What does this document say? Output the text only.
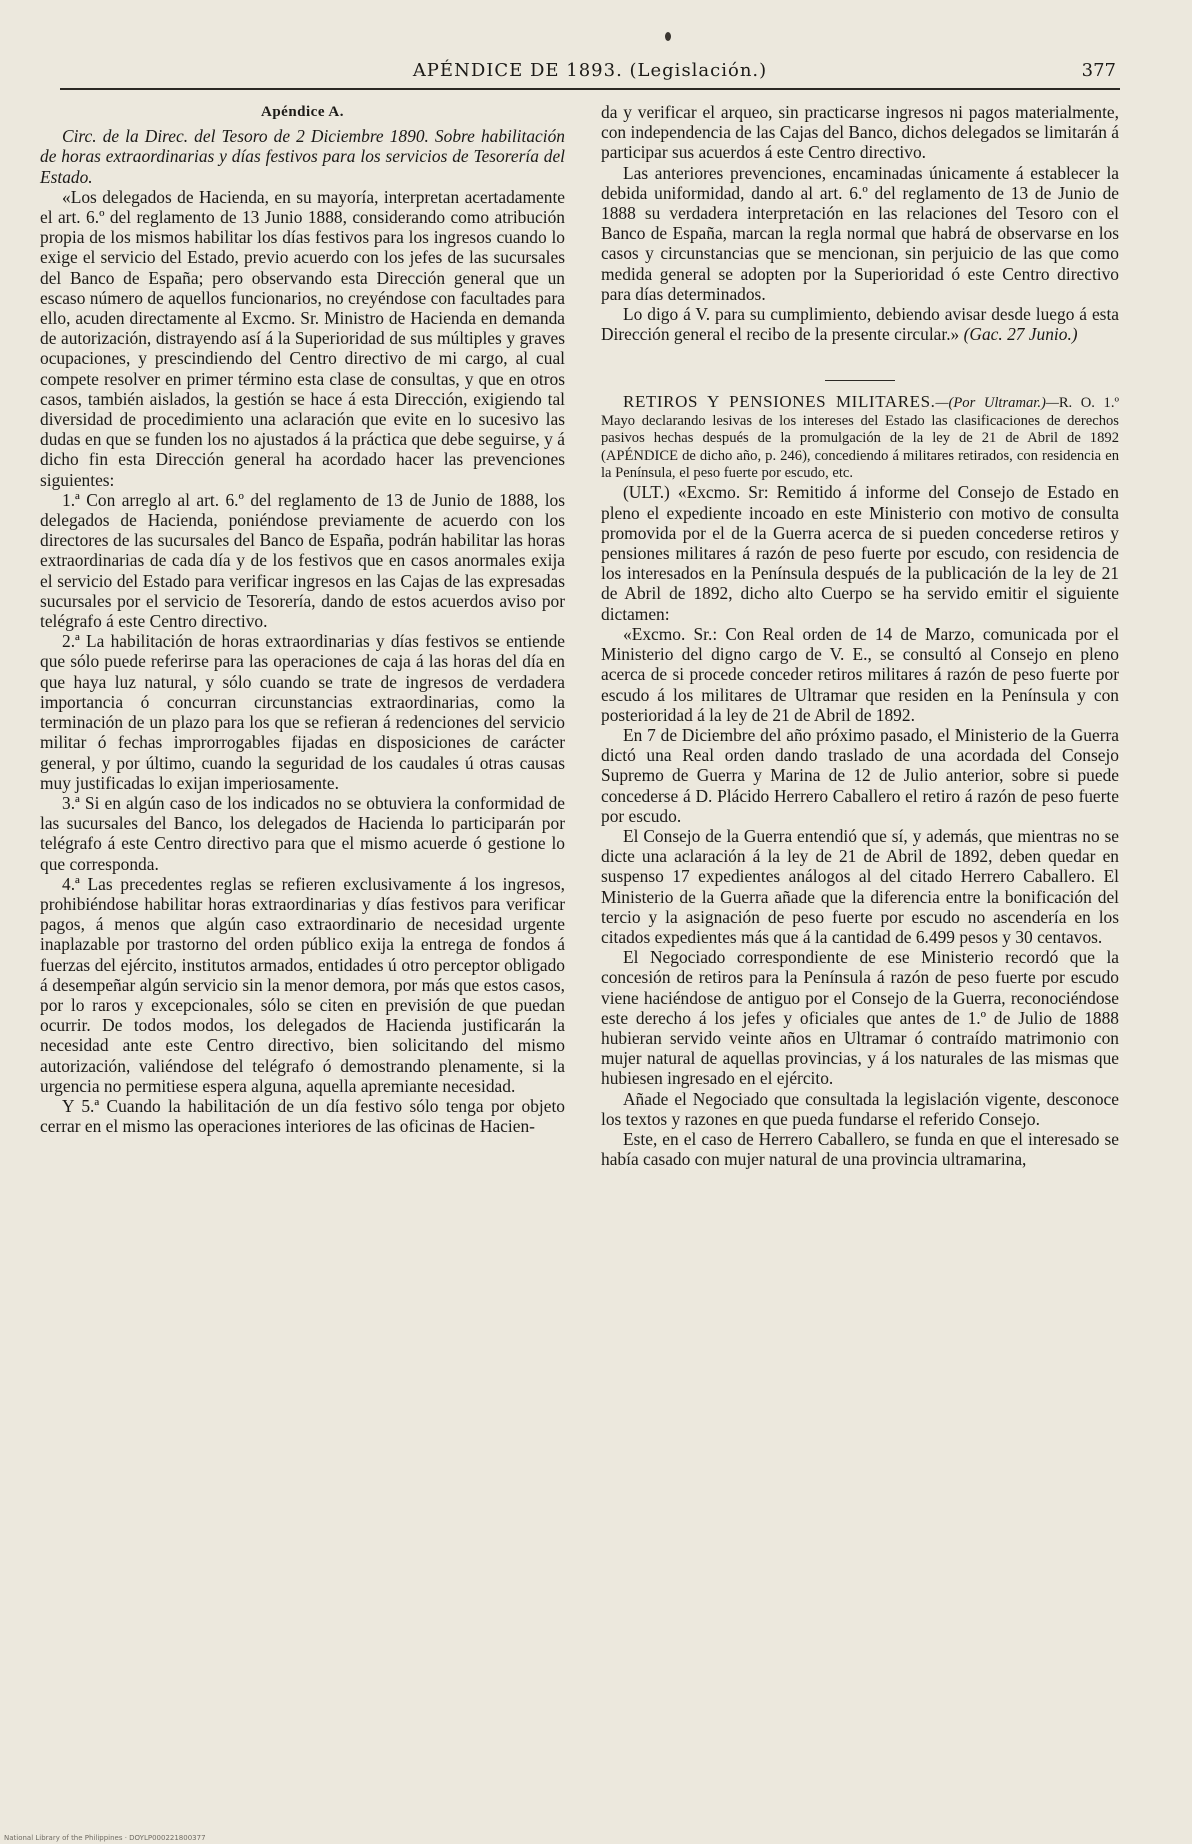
APÉNDICE DE 1893. (Legislación.)	377
Apéndice A.

Circ. de la Direc. del Tesoro de 2 Diciembre 1890. Sobre habilitación de horas extraordinarias y días festivos para los servicios de Tesorería del Estado.

«Los delegados de Hacienda, en su mayoría, interpretan acertadamente el art. 6.º del reglamento de 13 Junio 1888, considerando como atribución propia de los mismos habilitar los días festivos para los ingresos cuando lo exige el servicio del Estado, previo acuerdo con los jefes de las sucursales del Banco de España; pero observando esta Dirección general que un escaso número de aquellos funcionarios, no creyéndose con facultades para ello, acuden directamente al Excmo. Sr. Ministro de Hacienda en demanda de autorización, distrayendo así á la Superioridad de sus múltiples y graves ocupaciones, y prescindiendo del Centro directivo de mi cargo, al cual compete resolver en primer término esta clase de consultas, y que en otros casos, también aislados, la gestión se hace á esta Dirección, exigiendo tal diversidad de procedimiento una aclaración que evite en lo sucesivo las dudas en que se funden los no ajustados á la práctica que debe seguirse, y á dicho fin esta Dirección general ha acordado hacer las prevenciones siguientes:

1.ª Con arreglo al art. 6.º del reglamento de 13 de Junio de 1888, los delegados de Hacienda, poniéndose previamente de acuerdo con los directores de las sucursales del Banco de España, podrán habilitar las horas extraordinarias de cada día y de los festivos que en casos anormales exija el servicio del Estado para verificar ingresos en las Cajas de las expresadas sucursales por el servicio de Tesorería, dando de estos acuerdos aviso por telégrafo á este Centro directivo.

2.ª La habilitación de horas extraordinarias y días festivos se entiende que sólo puede referirse para las operaciones de caja á las horas del día en que haya luz natural, y sólo cuando se trate de ingresos de verdadera importancia ó concurran circunstancias extraordinarias, como la terminación de un plazo para los que se refieran á redenciones del servicio militar ó fechas improrrogables fijadas en disposiciones de carácter general, y por último, cuando la seguridad de los caudales ú otras causas muy justificadas lo exijan imperiosamente.

3.ª Si en algún caso de los indicados no se obtuviera la conformidad de las sucursales del Banco, los delegados de Hacienda lo participarán por telégrafo á este Centro directivo para que el mismo acuerde ó gestione lo que corresponda.

4.ª Las precedentes reglas se refieren exclusivamente á los ingresos, prohibiéndose habilitar horas extraordinarias y días festivos para verificar pagos, á menos que algún caso extraordinario de necesidad urgente inaplazable por trastorno del orden público exija la entrega de fondos á fuerzas del ejército, institutos armados, entidades ú otro perceptor obligado á desempeñar algún servicio sin la menor demora, por más que estos casos, por lo raros y excepcionales, sólo se citen en previsión de que puedan ocurrir. De todos modos, los delegados de Hacienda justificarán la necesidad ante este Centro directivo, bien solicitando del mismo autorización, valiéndose del telégrafo ó demostrando plenamente, si la urgencia no permitiese espera alguna, aquella apremiante necesidad.

Y 5.ª Cuando la habilitación de un día festivo sólo tenga por objeto cerrar en el mismo las operaciones interiores de las oficinas de Hacien-

da y verificar el arqueo, sin practicarse ingresos ni pagos materialmente, con independencia de las Cajas del Banco, dichos delegados se limitarán á participar sus acuerdos á este Centro directivo.

Las anteriores prevenciones, encaminadas únicamente á establecer la debida uniformidad, dando al art. 6.º del reglamento de 13 de Junio de 1888 su verdadera interpretación en las relaciones del Tesoro con el Banco de España, marcan la regla normal que habrá de observarse en los casos y circunstancias que se mencionan, sin perjuicio de las que como medida general se adopten por la Superioridad ó este Centro directivo para días determinados.

Lo digo á V. para su cumplimiento, debiendo avisar desde luego á esta Dirección general el recibo de la presente circular.» (Gac. 27 Junio.)

RETIROS Y PENSIONES MILITARES.—(Por Ultramar.)—R. O. 1.º Mayo declarando lesivas de los intereses del Estado las clasificaciones de derechos pasivos hechas después de la promulgación de la ley de 21 de Abril de 1892 (APÉNDICE de dicho año, p. 246), concediendo á militares retirados, con residencia en la Península, el peso fuerte por escudo, etc.

(ULT.) «Excmo. Sr: Remitido á informe del Consejo de Estado en pleno el expediente incoado en este Ministerio con motivo de consulta promovida por el de la Guerra acerca de si pueden concederse retiros y pensiones militares á razón de peso fuerte por escudo, con residencia de los interesados en la Península después de la publicación de la ley de 21 de Abril de 1892, dicho alto Cuerpo se ha servido emitir el siguiente dictamen:

«Excmo. Sr.: Con Real orden de 14 de Marzo, comunicada por el Ministerio del digno cargo de V. E., se consultó al Consejo en pleno acerca de si procede conceder retiros militares á razón de peso fuerte por escudo á los militares de Ultramar que residen en la Península y con posterioridad á la ley de 21 de Abril de 1892.

En 7 de Diciembre del año próximo pasado, el Ministerio de la Guerra dictó una Real orden dando traslado de una acordada del Consejo Supremo de Guerra y Marina de 12 de Julio anterior, sobre si puede concederse á D. Plácido Herrero Caballero el retiro á razón de peso fuerte por escudo.

El Consejo de la Guerra entendió que sí, y además, que mientras no se dicte una aclaración á la ley de 21 de Abril de 1892, deben quedar en suspenso 17 expedientes análogos al del citado Herrero Caballero. El Ministerio de la Guerra añade que la diferencia entre la bonificación del tercio y la asignación de peso fuerte por escudo no ascendería en los citados expedientes más que á la cantidad de 6.499 pesos y 30 centavos.

El Negociado correspondiente de ese Ministerio recordó que la concesión de retiros para la Península á razón de peso fuerte por escudo viene haciéndose de antiguo por el Consejo de la Guerra, reconociéndose este derecho á los jefes y oficiales que antes de 1.º de Julio de 1888 hubieran servido veinte años en Ultramar ó contraído matrimonio con mujer natural de aquellas provincias, y á los naturales de las mismas que hubiesen ingresado en el ejército.

Añade el Negociado que consultada la legislación vigente, desconoce los textos y razones en que pueda fundarse el referido Consejo.

Este, en el caso de Herrero Caballero, se funda en que el interesado se había casado con mujer natural de una provincia ultramarina,

National Library of the Philippines · DOYLP000221800377
